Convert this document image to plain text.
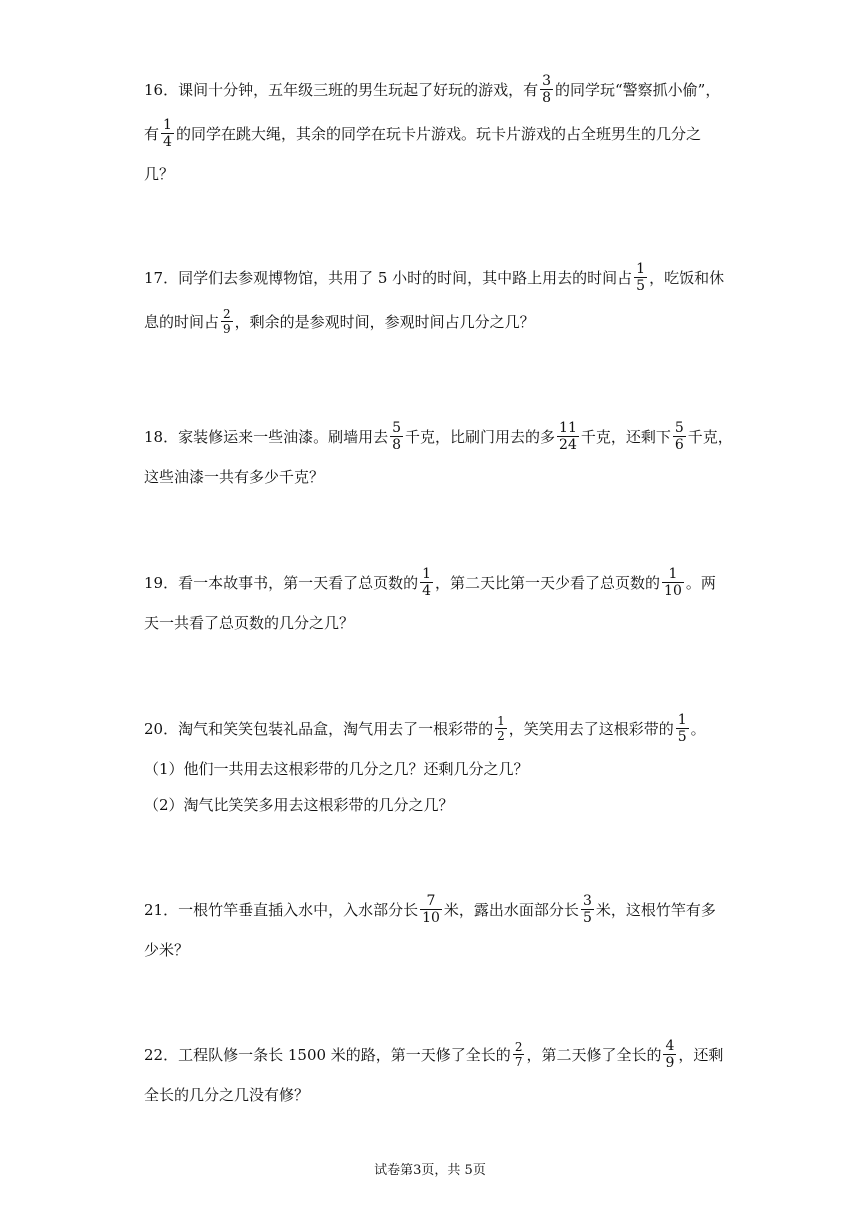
16．课间十分钟，五年级三班的男生玩起了好玩的游戏，有 $\frac{3}{8}$ 的同学玩“警察抓小偷”，
有 $\frac{1}{4}$ 的同学在跳大绳，其余的同学在玩卡片游戏。玩卡片游戏的占全班男生的几分之
几？
17．同学们去参观博物馆，共用了 5 小时的时间，其中路上用去的时间占 $\frac{1}{5}$ ，吃饭和休
息的时间占 $\frac{2}{9}$ ，剩余的是参观时间，参观时间占几分之几？
18．家装修运来一些油漆。刷墙用去 $\frac{5}{8}$ 千克，比刷门用去的多 $\frac{11}{24}$ 千克，还剩下 $\frac{5}{6}$ 千克，
这些油漆一共有多少千克？
19．看一本故事书，第一天看了总页数的 $\frac{1}{4}$ ，第二天比第一天少看了总页数的 $\frac{1}{10}$ 。两
天一共看了总页数的几分之几？
20．淘气和笑笑包装礼品盒，淘气用去了一根彩带的 $\frac{1}{2}$ ，笑笑用去了这根彩带的 $\frac{1}{5}$ 。
（1）他们一共用去这根彩带的几分之几？还剩几分之几？
（2）淘气比笑笑多用去这根彩带的几分之几？
21．一根竹竿垂直插入水中，入水部分长 $\frac{7}{10}$ 米，露出水面部分长 $\frac{3}{5}$ 米，这根竹竿有多
少米？
22．工程队修一条长 1500 米的路，第一天修了全长的 $\frac{2}{7}$ ，第二天修了全长的 $\frac{4}{9}$ ，还剩
全长的几分之几没有修？
试卷第3页，共 5页
